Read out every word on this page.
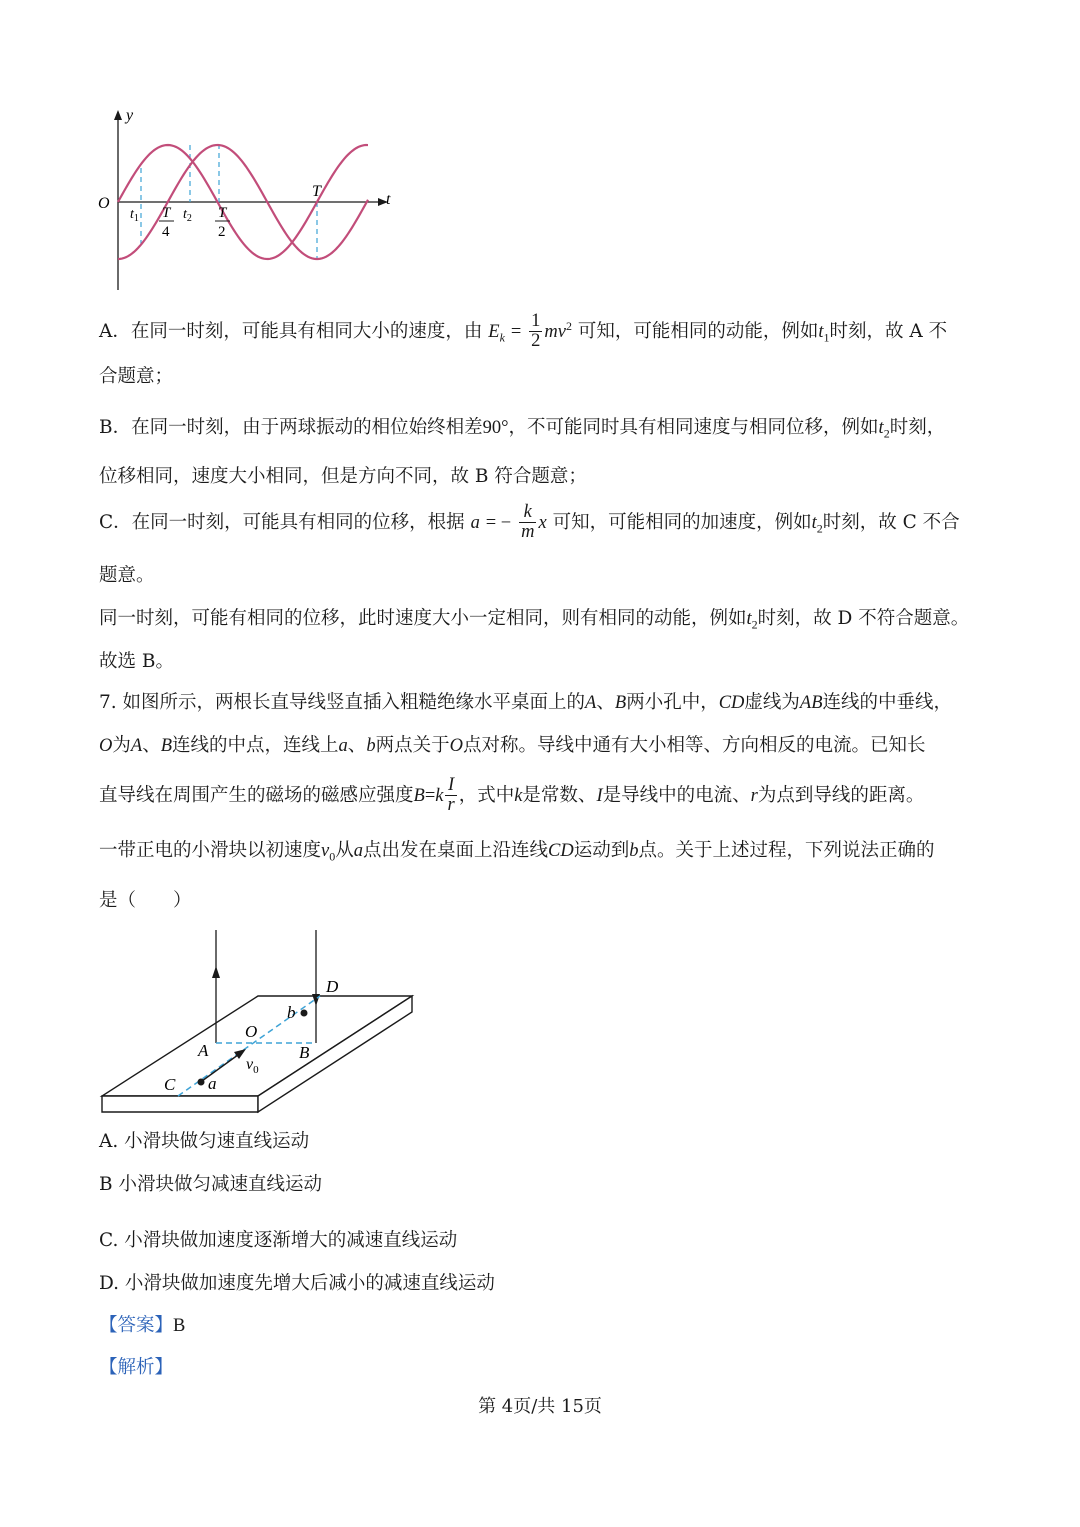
y
t
O
T
$t_1$	$t_2$
T
4
T
2
A．在同一时刻，可能具有相同大小的速度，由 $E_k = \frac{1}{2} mv^2$ 可知，可能相同的动能，例如$t_1$时刻，故 A 不
合题意；
B．在同一时刻，由于两球振动的相位始终相差90°，不可能同时具有相同速度与相同位移，例如$t_2$时刻，
位移相同，速度大小相同，但是方向不同，故 B 符合题意；
C．在同一时刻，可能具有相同的位移，根据 a = − $\frac{k}{m}$ x 可知，可能相同的加速度，例如$t_2$时刻，故 C 不合
题意。
同一时刻，可能有相同的位移，此时速度大小一定相同，则有相同的动能，例如$t_2$时刻，故 D 不符合题意。
故选 B。
7. 如图所示，两根长直导线竖直插入粗糙绝缘水平桌面上的A、B两小孔中，CD虚线为AB连线的中垂线，
O为A、B连线的中点，连线上a、b两点关于O点对称。导线中通有大小相等、方向相反的电流。已知长
直导线在周围产生的磁场的磁感应强度$B=k \frac{I}{r}$ ，式中k是常数、I是导线中的电流、r为点到导线的距离。
一带正电的小滑块以初速度$v_0$从a点出发在桌面上沿连线CD运动到b点。关于上述过程，下列说法正确的
是（　　）
A	B
O
C
D
a
b
$v_0$
A. 小滑块做匀速直线运动
B 小滑块做匀减速直线运动
C. 小滑块做加速度逐渐增大的减速直线运动
D. 小滑块做加速度先增大后减小的减速直线运动
【答案】B
【解析】
第 4页/共 15页
